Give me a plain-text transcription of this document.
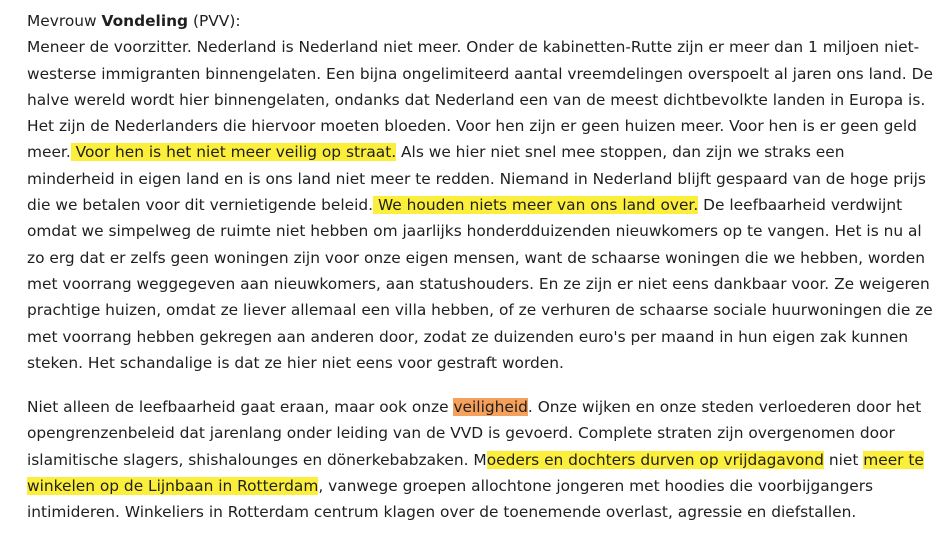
Mevrouw Vondeling (PVV):

Meneer de voorzitter. Nederland is Nederland niet meer. Onder de kabinetten-Rutte zijn er meer dan 1 miljoen niet-westerse immigranten binnengelaten. Een bijna ongelimiteerd aantal vreemdelingen overspoelt al jaren ons land. De halve wereld wordt hier binnengelaten, ondanks dat Nederland een van de meest dichtbevolkte landen in Europa is. Het zijn de Nederlanders die hiervoor moeten bloeden. Voor hen zijn er geen huizen meer. Voor hen is er geen geld meer. Voor hen is het niet meer veilig op straat. Als we hier niet snel mee stoppen, dan zijn we straks een minderheid in eigen land en is ons land niet meer te redden. Niemand in Nederland blijft gespaard van de hoge prijs die we betalen voor dit vernietigende beleid. We houden niets meer van ons land over. De leefbaarheid verdwijnt omdat we simpelweg de ruimte niet hebben om jaarlijks honderdduizenden nieuwkomers op te vangen. Het is nu al zo erg dat er zelfs geen woningen zijn voor onze eigen mensen, want de schaarse woningen die we hebben, worden met voorrang weggegeven aan nieuwkomers, aan statushouders. En ze zijn er niet eens dankbaar voor. Ze weigeren prachtige huizen, omdat ze liever allemaal een villa hebben, of ze verhuren de schaarse sociale huurwoningen die ze met voorrang hebben gekregen aan anderen door, zodat ze duizenden euro's per maand in hun eigen zak kunnen steken. Het schandalige is dat ze hier niet eens voor gestraft worden.

Niet alleen de leefbaarheid gaat eraan, maar ook onze veiligheid. Onze wijken en onze steden verloederen door het opengrenzenbeleid dat jarenlang onder leiding van de VVD is gevoerd. Complete straten zijn overgenomen door islamitische slagers, shishalounges en dönerkebabzaken. Moeders en dochters durven op vrijdagavond niet meer te winkelen op de Lijnbaan in Rotterdam, vanwege groepen allochtone jongeren met hoodies die voorbijgangers intimideren. Winkeliers in Rotterdam centrum klagen over de toenemende overlast, agressie en diefstallen.
